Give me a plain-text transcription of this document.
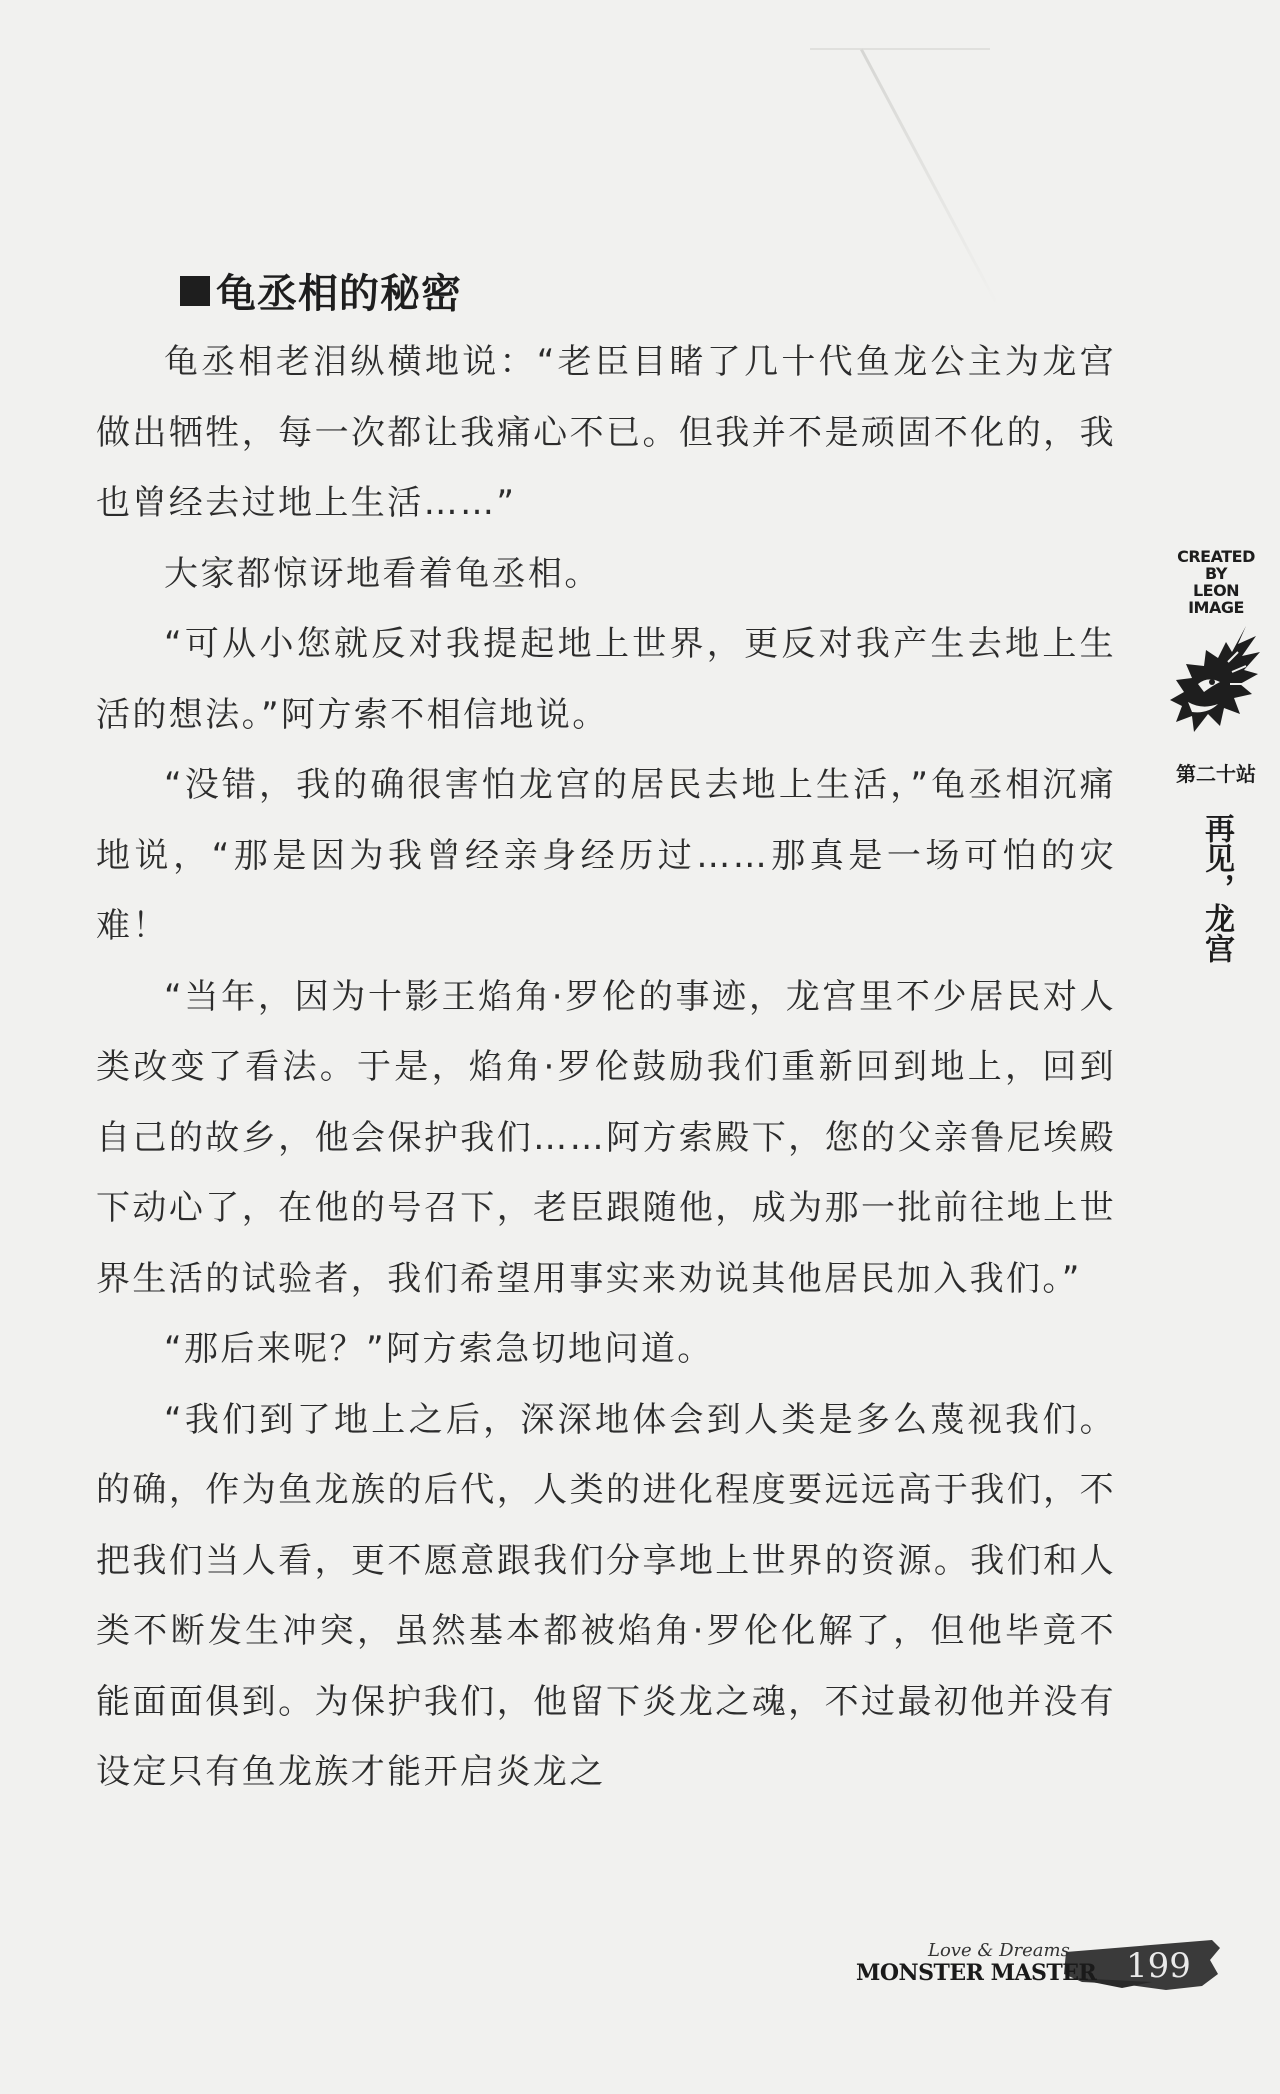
龟丞相的秘密

龟丞相老泪纵横地说：“老臣目睹了几十代鱼龙公主为龙宫做出牺牲，每一次都让我痛心不已。但我并不是顽固不化的，我也曾经去过地上生活……”

大家都惊讶地看着龟丞相。

“可从小您就反对我提起地上世界，更反对我产生去地上生活的想法。”阿方索不相信地说。

“没错，我的确很害怕龙宫的居民去地上生活，”龟丞相沉痛地说，“那是因为我曾经亲身经历过……那真是一场可怕的灾难！

“当年，因为十影王焰角·罗伦的事迹，龙宫里不少居民对人类改变了看法。于是，焰角·罗伦鼓励我们重新回到地上，回到自己的故乡，他会保护我们……阿方索殿下，您的父亲鲁尼埃殿下动心了，在他的号召下，老臣跟随他，成为那一批前往地上世界生活的试验者，我们希望用事实来劝说其他居民加入我们。”

“那后来呢？”阿方索急切地问道。

“我们到了地上之后，深深地体会到人类是多么蔑视我们。的确，作为鱼龙族的后代，人类的进化程度要远远高于我们，不把我们当人看，更不愿意跟我们分享地上世界的资源。我们和人类不断发生冲突，虽然基本都被焰角·罗伦化解了，但他毕竟不能面面俱到。为保护我们，他留下炎龙之魂，不过最初他并没有设定只有鱼龙族才能开启炎龙之

CREATED
BY
LEON
IMAGE
第二十站
再见，龙宫
Love & Dreams
MONSTER MASTER 199
